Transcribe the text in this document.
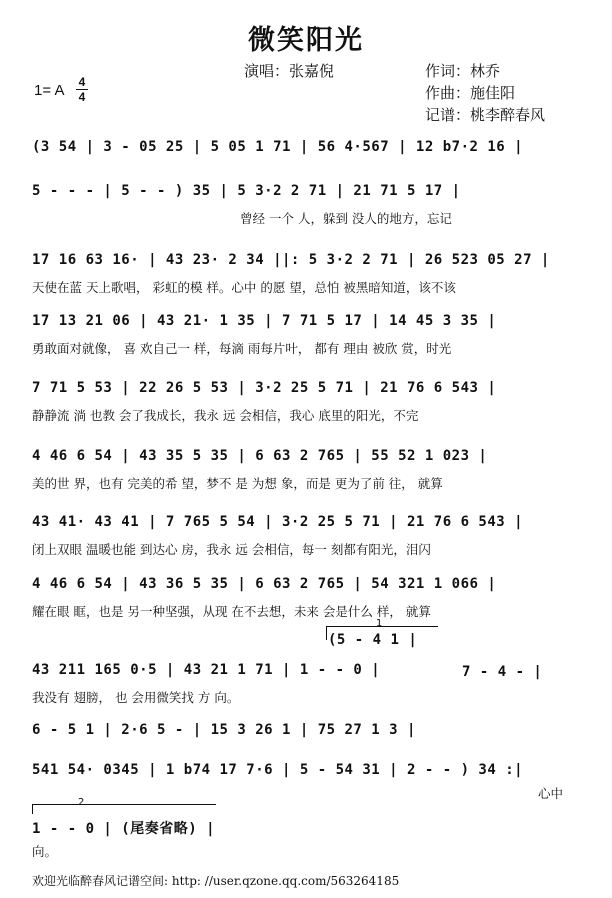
微笑阳光
演唱：张嘉倪	作词：林乔
作曲：施佳阳
记谱：桃李醉春风
1= A 4
4
(3 54 | 3 - 05 25 | 5 05 1 71 | 56 4·567 | 12 b7·2 16 |
5 - - - | 5 - - ) 35 | 5 3·2 2 71 | 21 71 5 17 |
曾经 一个 人，躲到 没人的地方，忘记
17 16 63 16· | 43 23· 2 34 ||: 5 3·2 2 71 | 26 523 05 27 |
天使在蓝 天上歌唱， 彩虹的模 样。心中 的愿 望，总怕 被黑暗知道，该不该
17 13 21 06 | 43 21· 1 35 | 7 71 5 17 | 14 45 3 35 |
勇敢面对就像， 喜 欢自己一 样，每滴 雨每片叶， 都有 理由 被欣 赏，时光
7 71 5 53 | 22 26 5 53 | 3·2 25 5 71 | 21 76 6 543 |
静静流 淌 也教 会了我成长，我永 远 会相信，我心 底里的阳光，不完
4 46 6 54 | 43 35 5 35 | 6 63 2 765 | 55 52 1 023 |
美的世 界，也有 完美的希 望，梦不 是 为想 象，而是 更为了前 往， 就算
43 41· 43 41 | 7 765 5 54 | 3·2 25 5 71 | 21 76 6 543 |
闭上双眼 温暖也能 到达心 房，我永 远 会相信，每一 刻都有阳光，泪闪
4 46 6 54 | 43 36 5 35 | 6 63 2 765 | 54 321 1 066 |
耀在眼 眶，也是 另一种坚强，从现 在不去想，未来 会是什么 样， 就算
1
(5 - 4 1 |
43 211 165 0·5 | 43 21 1 71 | 1 - - 0 |	7 - 4 - |
我没有 翅膀， 也 会用微笑找 方 向。
6 - 5 1 | 2·6 5 - | 15 3 26 1 | 75 27 1 3 |
541 54· 0345 | 1 b74 17 7·6 | 5 - 54 31 | 2 - - ) 34 :|
心中
2
1 - - 0 | (尾奏省略) |
向。
欢迎光临醉春风记谱空间: http: //user.qzone.qq.com/563264185
